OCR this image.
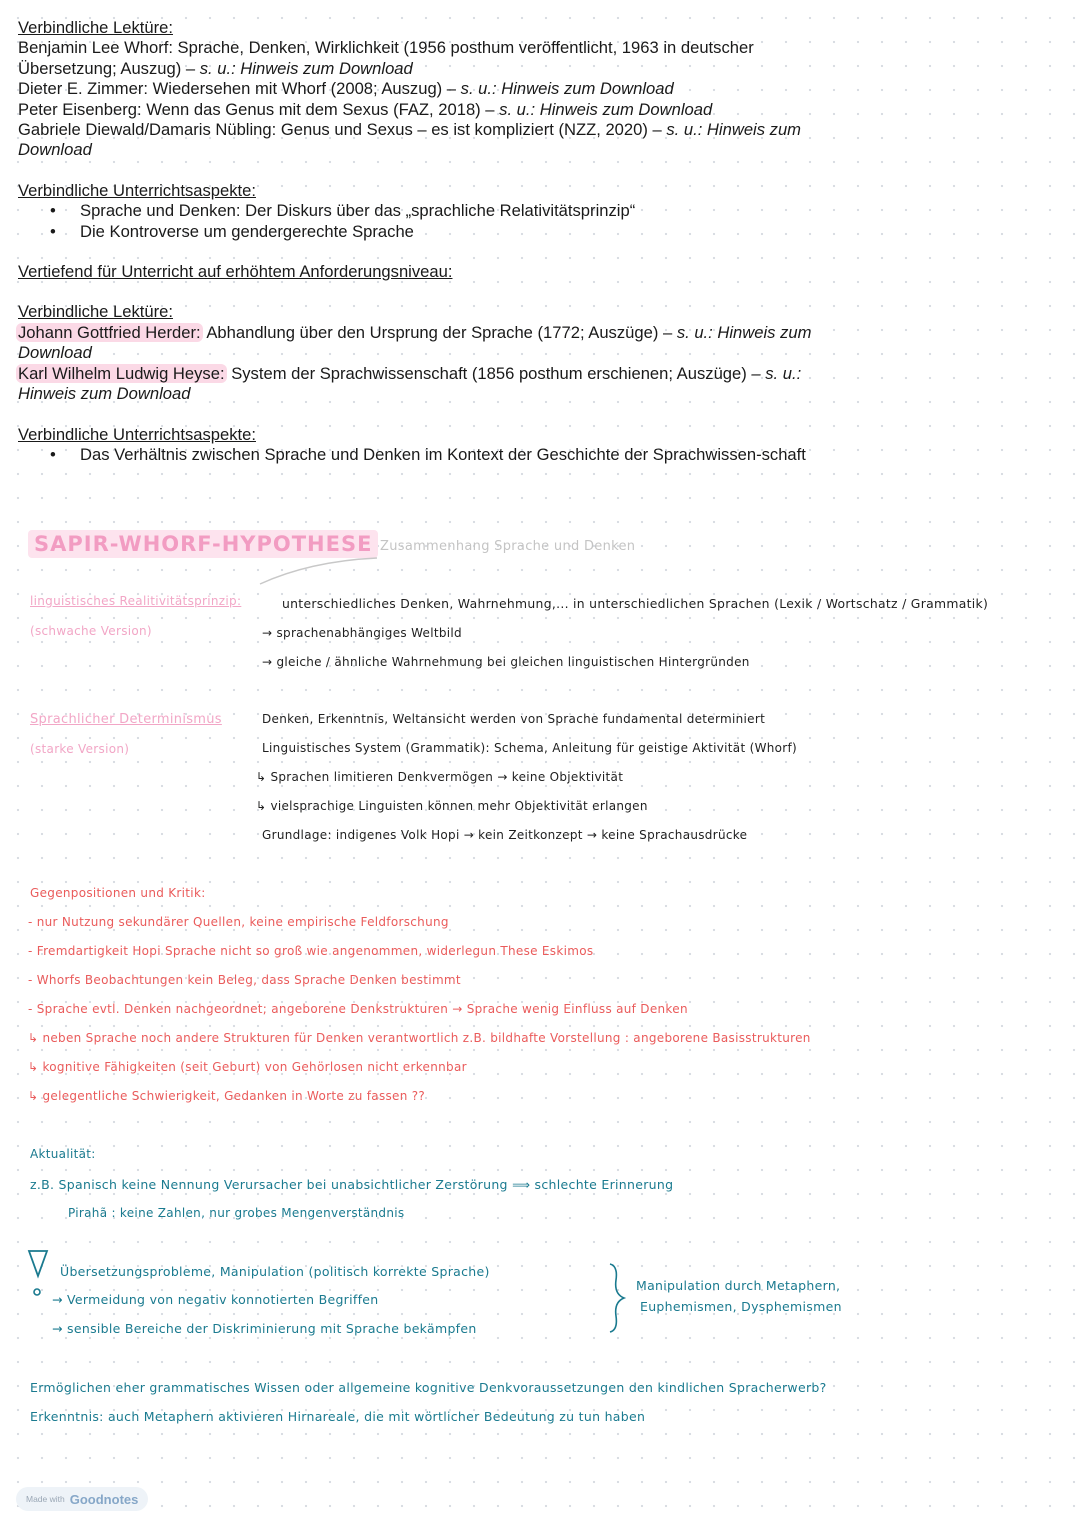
Verbindliche Lektüre:

Benjamin Lee Whorf: Sprache, Denken, Wirklichkeit (1956 posthum veröffentlicht, 1963 in deutscher Übersetzung; Auszug) – s. u.: Hinweis zum Download

Dieter E. Zimmer: Wiedersehen mit Whorf (2008; Auszug) – s. u.: Hinweis zum Download

Peter Eisenberg: Wenn das Genus mit dem Sexus (FAZ, 2018) – s. u.: Hinweis zum Download

Gabriele Diewald/Damaris Nübling: Genus und Sexus – es ist kompliziert (NZZ, 2020) – s. u.: Hinweis zum Download

Verbindliche Unterrichtsaspekte:

• Sprache und Denken: Der Diskurs über das „sprachliche Relativitätsprinzip“

• Die Kontroverse um gendergerechte Sprache

Vertiefend für Unterricht auf erhöhtem Anforderungsniveau:

Verbindliche Lektüre:

Johann Gottfried Herder: Abhandlung über den Ursprung der Sprache (1772; Auszüge) – s. u.: Hinweis zum Download

Karl Wilhelm Ludwig Heyse: System der Sprachwissenschaft (1856 posthum erschienen; Auszüge) – s. u.: Hinweis zum Download

Verbindliche Unterrichtsaspekte:

• Das Verhältnis zwischen Sprache und Denken im Kontext der Geschichte der Sprachwissen-schaft

SAPIR-WHORF-HYPOTHESE Zusammenhang Sprache und Denken
linguistisches Realitivitätsprinzip:
(schwache Version)
unterschiedliches Denken, Wahrnehmung,... in unterschiedlichen Sprachen (Lexik / Wortschatz / Grammatik)
→ sprachenabhängiges Weltbild
→ gleiche / ähnliche Wahrnehmung bei gleichen linguistischen Hintergründen
Sprachlicher Determinismus
(starke Version)
Denken, Erkenntnis, Weltansicht werden von Sprache fundamental determiniert
Linguistisches System (Grammatik): Schema, Anleitung für geistige Aktivität (Whorf)
↳ Sprachen limitieren Denkvermögen → keine Objektivität
↳ vielsprachige Linguisten können mehr Objektivität erlangen
Grundlage: indigenes Volk Hopi → kein Zeitkonzept → keine Sprachausdrücke
Gegenpositionen und Kritik:
- nur Nutzung sekundärer Quellen, keine empirische Feldforschung
- Fremdartigkeit Hopi Sprache nicht so groß wie angenommen, widerlegun These Eskimos
- Whorfs Beobachtungen kein Beleg, dass Sprache Denken bestimmt
- Sprache evtl. Denken nachgeordnet; angeborene Denkstrukturen → Sprache wenig Einfluss auf Denken
↳ neben Sprache noch andere Strukturen für Denken verantwortlich z.B. bildhafte Vorstellung : angeborene Basisstrukturen
↳ kognitive Fähigkeiten (seit Geburt) von Gehörlosen nicht erkennbar
↳ gelegentliche Schwierigkeit, Gedanken in Worte zu fassen ??
Aktualität:
z.B. Spanisch keine Nennung Verursacher bei unabsichtlicher Zerstörung ⟹ schlechte Erinnerung
Pirahã : keine Zahlen, nur grobes Mengenverständnis
Übersetzungsprobleme, Manipulation (politisch korrekte Sprache)
→ Vermeidung von negativ konnotierten Begriffen
→ sensible Bereiche der Diskriminierung mit Sprache bekämpfen
Manipulation durch Metaphern,
Euphemismen, Dysphemismen
Ermöglichen eher grammatisches Wissen oder allgemeine kognitive Denkvoraussetzungen den kindlichen Spracherwerb?
Erkenntnis: auch Metaphern aktivieren Hirnareale, die mit wörtlicher Bedeutung zu tun haben
Made with Goodnotes
